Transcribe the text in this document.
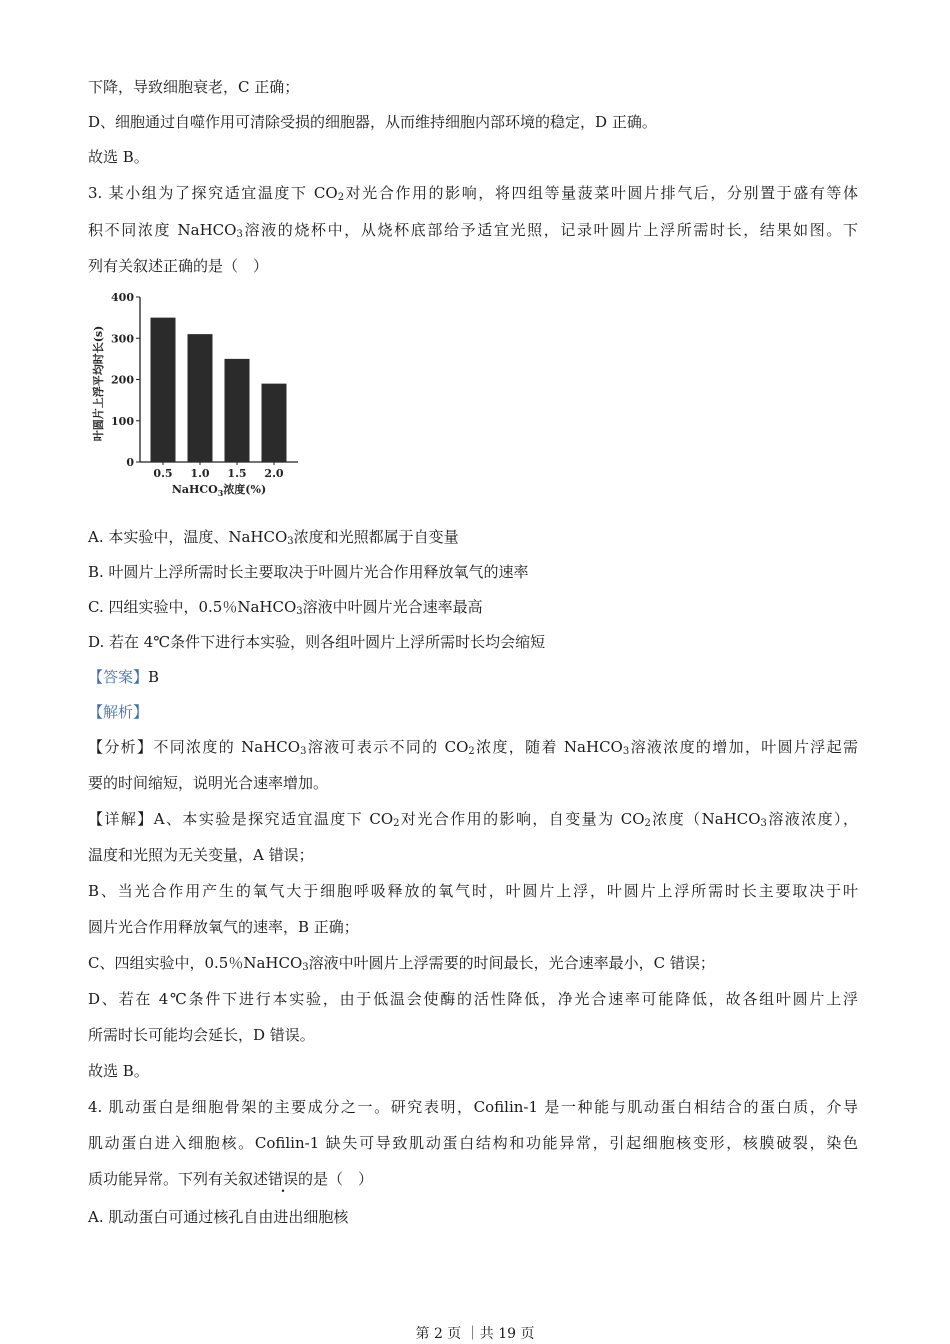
下降，导致细胞衰老，C 正确；
D、细胞通过自噬作用可清除受损的细胞器，从而维持细胞内部环境的稳定，D 正确。
故选 B。
3. 某小组为了探究适宜温度下 $CO_2$对光合作用的影响，将四组等量菠菜叶圆片排气后，分别置于盛有等体
积不同浓度 NaHCO$_3$溶液的烧杯中，从烧杯底部给予适宜光照，记录叶圆片上浮所需时长，结果如图。下
列有关叙述正确的是（　）
0
100
200
300
400
0.5 1.0 1.5 2.0
NaHCO$_3$浓度(%)
叶圆片上浮平均时长(s)
A. 本实验中，温度、NaHCO$_3$浓度和光照都属于自变量
B. 叶圆片上浮所需时长主要取决于叶圆片光合作用释放氧气的速率
C. 四组实验中，0.5％NaHCO$_3$溶液中叶圆片光合速率最高
D. 若在 4℃条件下进行本实验，则各组叶圆片上浮所需时长均会缩短
【答案】B
【解析】
【分析】不同浓度的 NaHCO$_3$溶液可表示不同的 $CO_2$浓度，随着 NaHCO$_3$溶液浓度的增加，叶圆片浮起需
要的时间缩短，说明光合速率增加。
【详解】A、本实验是探究适宜温度下 $CO_2$对光合作用的影响，自变量为 $CO_2$浓度（NaHCO$_3$溶液浓度），
温度和光照为无关变量，A 错误；
B、当光合作用产生的氧气大于细胞呼吸释放的氧气时，叶圆片上浮，叶圆片上浮所需时长主要取决于叶
圆片光合作用释放氧气的速率，B 正确；
C、四组实验中，0.5％NaHCO$_3$溶液中叶圆片上浮需要的时间最长，光合速率最小，C 错误；
D、若在 4℃条件下进行本实验，由于低温会使酶的活性降低，净光合速率可能降低，故各组叶圆片上浮
所需时长可能均会延长，D 错误。
故选 B。
4. 肌动蛋白是细胞骨架的主要成分之一。研究表明，Cofilin-1 是一种能与肌动蛋白相结合的蛋白质，介导
肌动蛋白进入细胞核。Cofilin-1 缺失可导致肌动蛋白结构和功能异常，引起细胞核变形，核膜破裂，染色
质功能异常。下列有关叙述错误的是（　）
A. 肌动蛋白可通过核孔自由进出细胞核
第 2 页 ｜共 19 页
